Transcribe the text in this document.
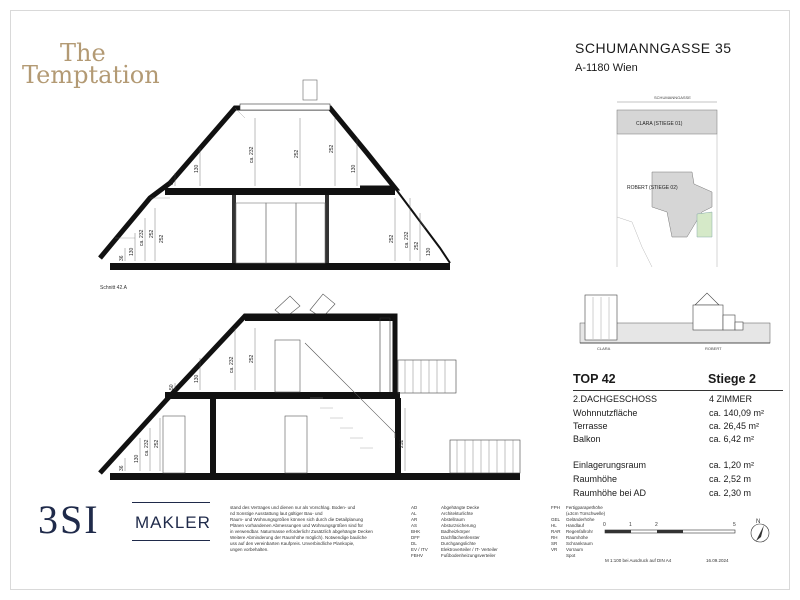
The
Temptation
SCHUMANNGASSE 35
A-1180 Wien
SCHUMANNGASSE
CLARA (STIEGE 01)
ROBERT (STIEGE 02)
CLARA	ROBERT
ca. 232	252
252
130
130
50
ca. 232 252
252
130
36
ca. 232 252
252
130
Schnitt 42.A
ca. 232	252
130
50
ca. 232 252
130
36
252
TOP 42	Stiege 2
2.DACHGESCHOSS	4 ZIMMER
Wohnnutzfläche	ca. 140,09 m²
Terrasse	ca. 26,45 m²
Balkon	ca. 6,42 m²
Einlagerungsraum	ca. 1,20 m²
Raumhöhe	ca. 2,52 m
Raumhöhe bei AD	ca. 2,30 m
3SI MAKLER
stand des Vertrages und dienen nur als Vorschlag. Boden- und
nd Sonstige Ausstattung laut gültiger Bau- und
Raum- und Wohnungsgrößen können sich durch die Detailplanung
Plänen vorhandenen Abmessungen und Wohnungsgrößen sind für
in verwendbar. Naturmasse erforderlich! Zusätzlich abgehängte Decken
Weitere Abminderung der Raumhöhe möglich). Notwendige bauliche
uss auf den vereinbarten Kaufpreis. Unverbindliche Plankopie,
ungen vorbehalten.
AD	Abgehängte Decke
AL	Architekturlichte
AR	Abstellraum
AS	Absturzsicherung
BHK	Badheizkörper
DFF	Dachflächenfenster
DL	Durchgangslichte
EV / ITV	Elektroverteiler / IT- Verteiler
FBHV	Fußbodenheizungsverteiler
FPH Fertigparapethöhe
(±3cm Türschwelle)
GEL Geländerhöhe
HL Handlauf
RAR Regenfallrohr
RH Raumhöhe
SR Schrankraum
VR Vorraum
Spot
0	1	2	5
M 1:100 bei Ausdruck auf DIN A4	16.09.2024
N
